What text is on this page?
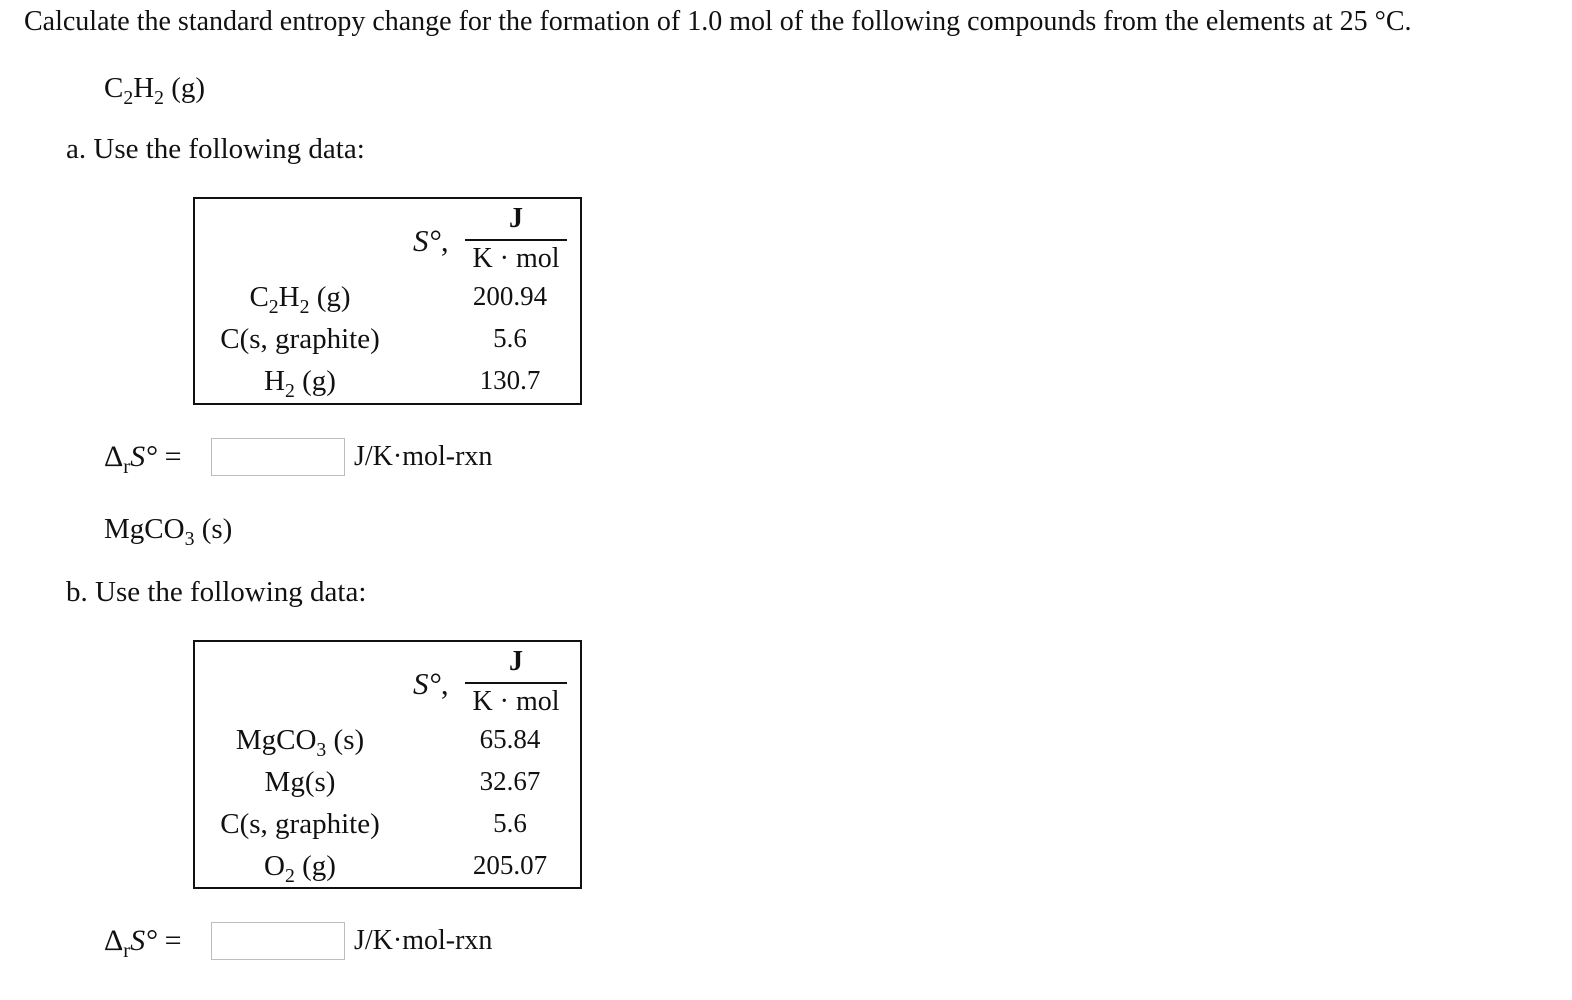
Calculate the standard entropy change for the formation of 1.0 mol of the following compounds from the elements at 25 °C.
$C_2H_2$ (g)
a. Use the following data:
S°,
J
K · mol
$C_2H_2$ (g)	200.94
C(s, graphite)	5.6
$H_2$ (g)	130.7
$\Delta_rS^\circ$ =	J/K·mol-rxn
MgCO$_3$ (s)
b. Use the following data:
S°,
J
K · mol
MgCO$_3$ (s)	65.84
Mg(s)	32.67
C(s, graphite)	5.6
$O_2$ (g)	205.07
$\Delta_rS^\circ$ =	J/K·mol-rxn
